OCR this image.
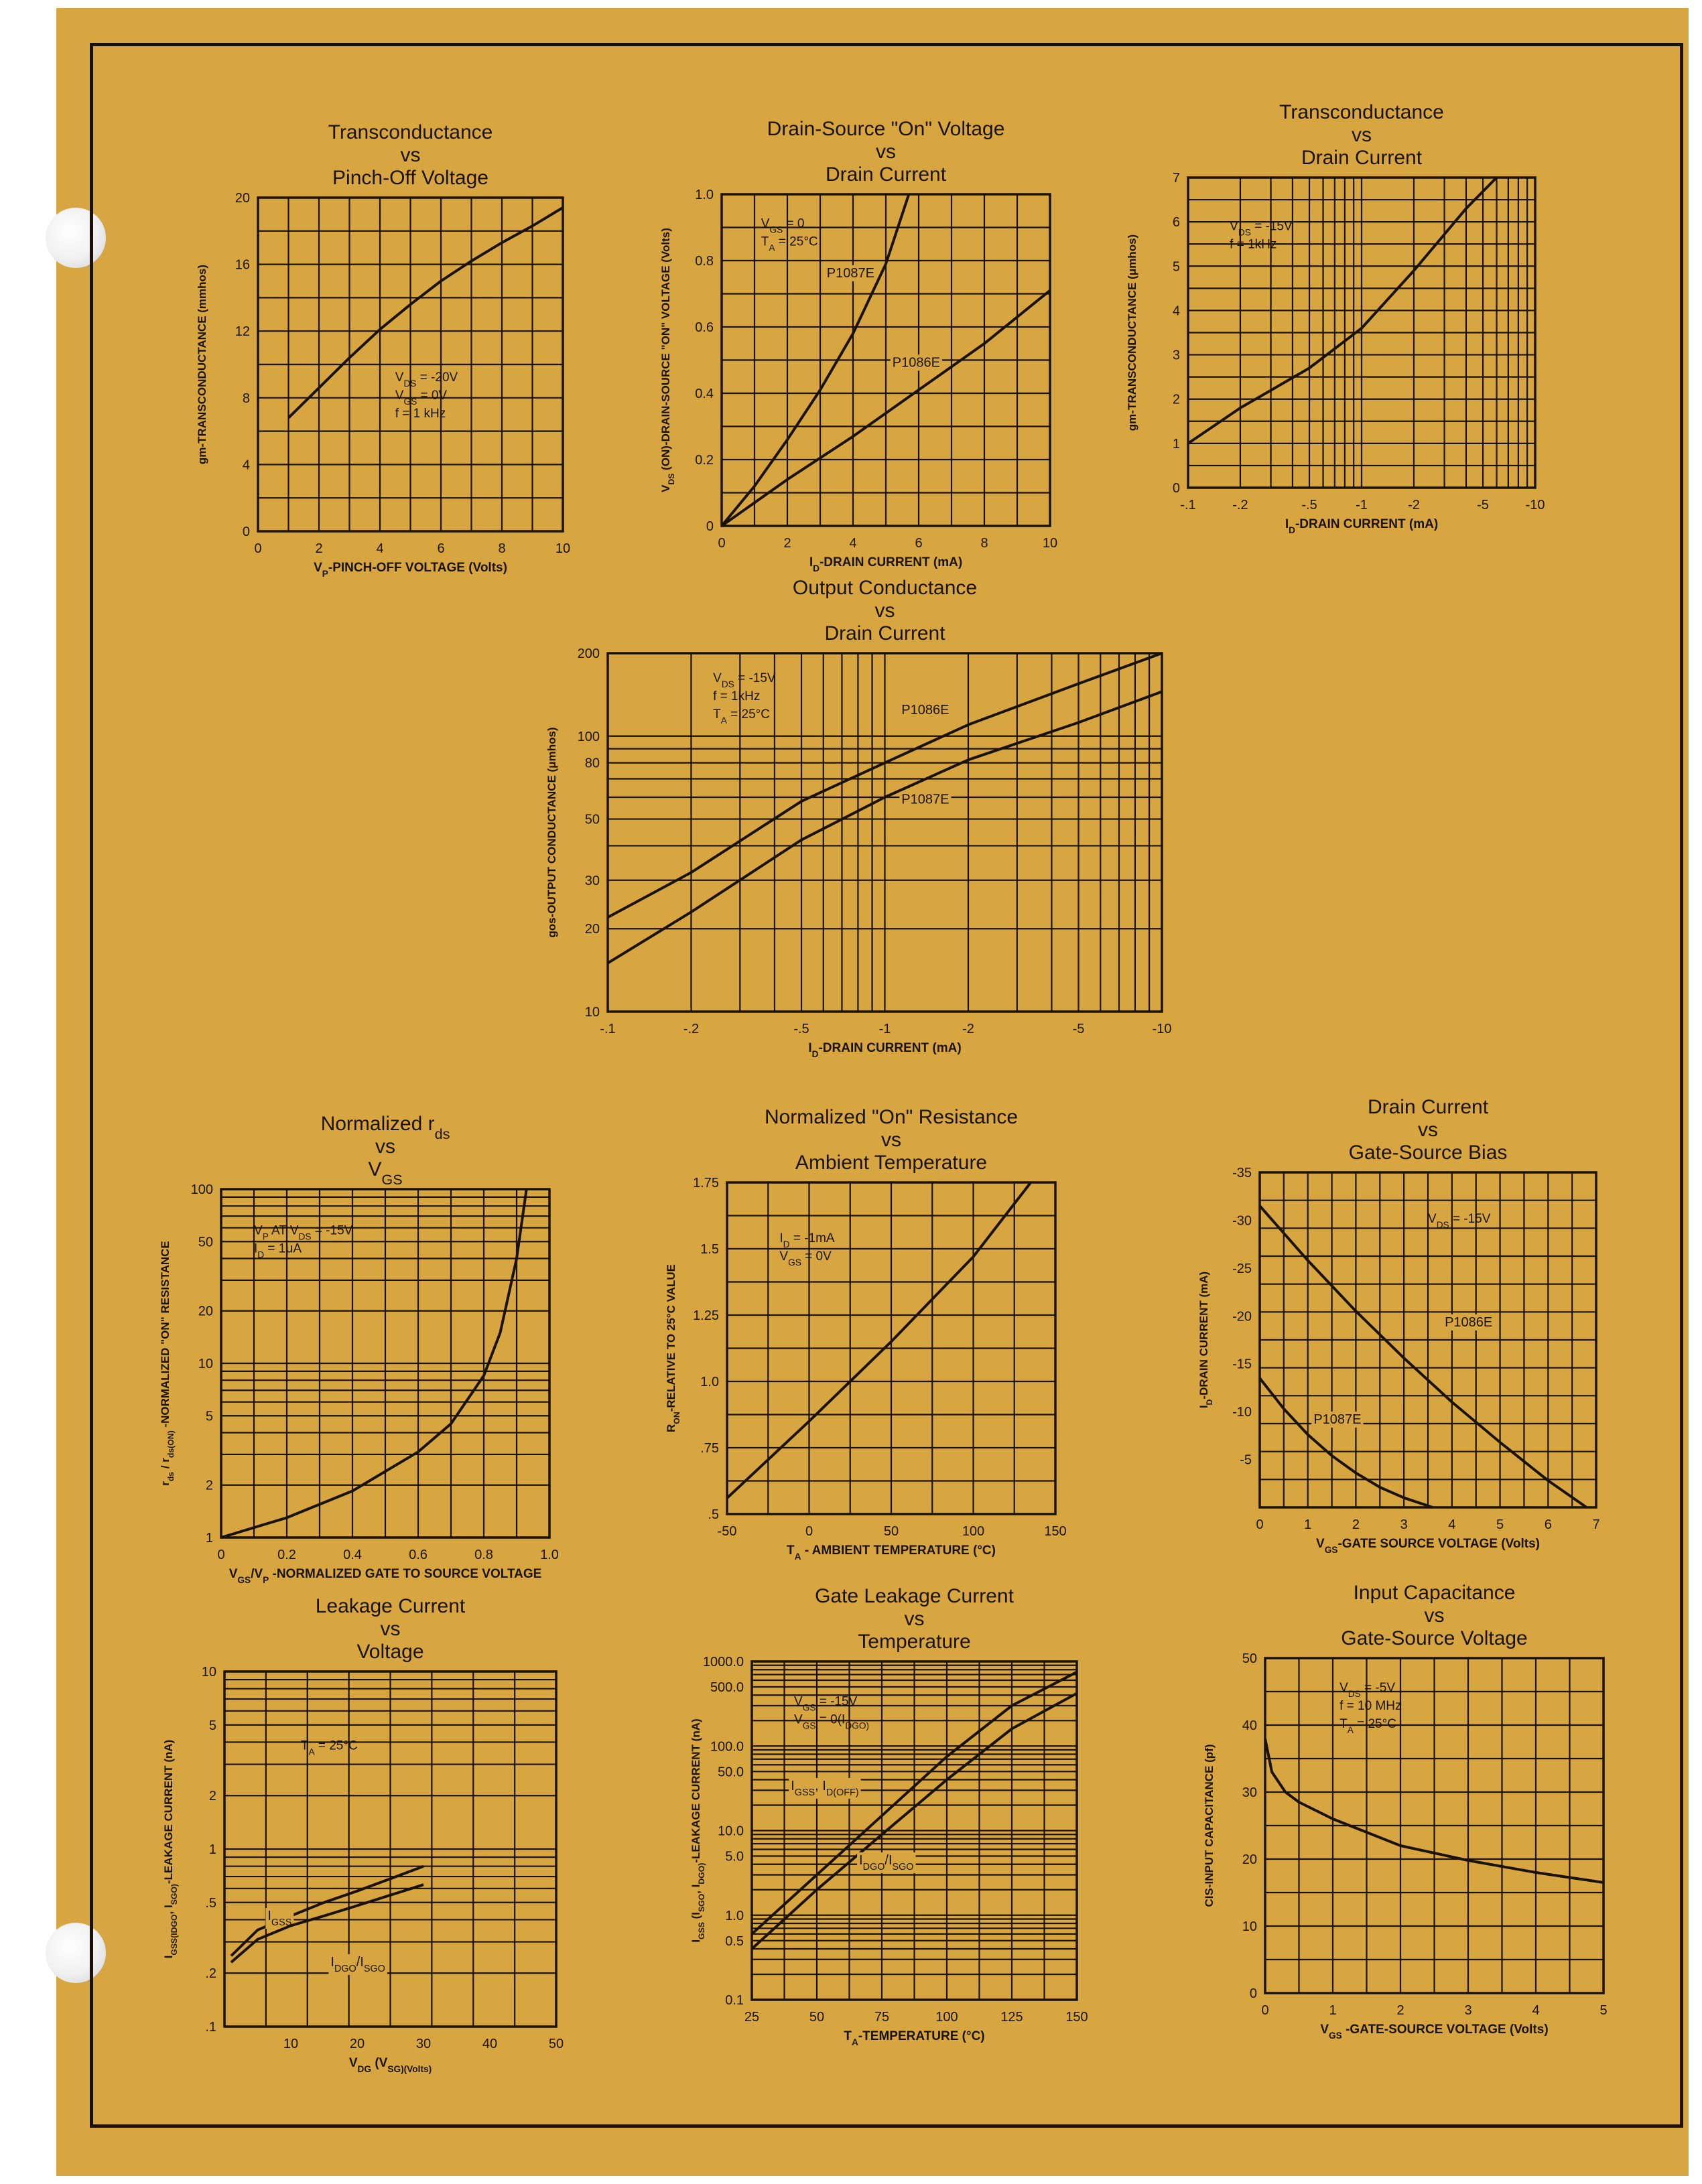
0	2	4	6	8	10
0
4
8
12
16
20
$V_P-PINCH$-OFF VOLTAGE (Volts)
gm-TRANSCONDUCTANCE (mmhos)
Transconductance
vs
Pinch-Off Voltage
$V_{DS} = -20V$
$V_{GS} = 0V$
f = 1 kHz
0	2	4	6	8	10
0
0.2
0.4
0.6
0.8
1.0
$I_D$-DRAIN CURRENT (mA)
$V_{DS}$ (ON)-DRAIN-SOURCE "ON" VOLTAGE (Volts)
Drain-Source "On" Voltage
vs
Drain Current
$V_{GS} = 0$
$T_A = 25^\circ C$
P1087E
P1086E
-.1	-.2	-.5	-1	-2	-5	-10
0
1
2
3
4
5
6
7
$I_D$-DRAIN CURRENT (mA)
gm-TRANSCONDUCTANCE (μmhos)
Transconductance
vs
Drain Current
$V_{DS} = -15V$
f = 1kHz
-.1	-.2	-.5	-1	-2	-5	-10
10
20
30
50
80
100
200
$I_D$-DRAIN CURRENT (mA)
gos-OUTPUT CONDUCTANCE (μmhos)
Output Conductance
vs
Drain Current
$V_{DS} = -15V$
f = 1kHz
$T_A = 25^\circ C$	P1086E
P1087E
0	0.2	0.4	0.6	0.8	1.0
1
2
5
10
20
50
100
$V_{GS}/V_P$ -NORMALIZED GATE TO SOURCE VOLTAGE
$r_{ds} / r_{ds(ON)}$ -NORMALIZED "ON" RESISTANCE
Normalized $r_{ds}$
vs
$V_{GS}$
$V_P$ AT $V_{DS} = -15V$
$I_D = 1\mu A$
-50	0	50	100	150
.5
.75
1.0
1.25
1.5
1.75
$T_A$ - AMBIENT TEMPERATURE (°C)
$R_{ON}$-RELATIVE TO 25°C VALUE
Normalized "On" Resistance
vs
Ambient Temperature
$I_D = -1mA$
$V_{GS} = 0V$
0	1	2	3	4	5	6	7
-5
-10
-15
-20
-25
-30
-35
$V_{GS}$-GATE SOURCE VOLTAGE (Volts)
$I_D$-DRAIN CURRENT (mA)
Drain Current
vs
Gate-Source Bias
$V_{DS} = -15V$
P1086E
P1087E
10	20	30	40	50
.1
.2
.5
1
2
5
10
$V_{DG}$ ($V_{SG)(Volts)}$
$I_{GSS(IDGO}$, $I_{SGO)}$-LEAKAGE CURRENT (nA)
Leakage Current
vs
Voltage
$T_A = 25^\circ C$
$I_{GSS}$
$I_{DGO}/I_{SGO}$
25	50	75	100	125	150
0.1
0.5
1.0
5.0
10.0
50.0
100.0
500.0
1000.0
$T_A$-TEMPERATURE (°C)
$I_{GSS}$ ($I_{SGO}$, $I_{DGO)}$-LEAKAGE CURRENT (nA)
Gate Leakage Current
vs
Temperature
$V_{GS} = -15V$
$V_{GS} = 0(I_{DGO)}$
$I_{GSS}$, $I_{D(OFF)}$
$I_{DGO}/I_{SGO}$
0	1	2	3	4	5
0
10
20
30
40
50
$V_{GS}$ -GATE-SOURCE VOLTAGE (Volts)
CIS-INPUT CAPACITANCE (pf)
Input Capacitance
vs
Gate-Source Voltage
$V_{DS} = -5V$
f = 10 MHz
$T_A = 25^\circ C$
